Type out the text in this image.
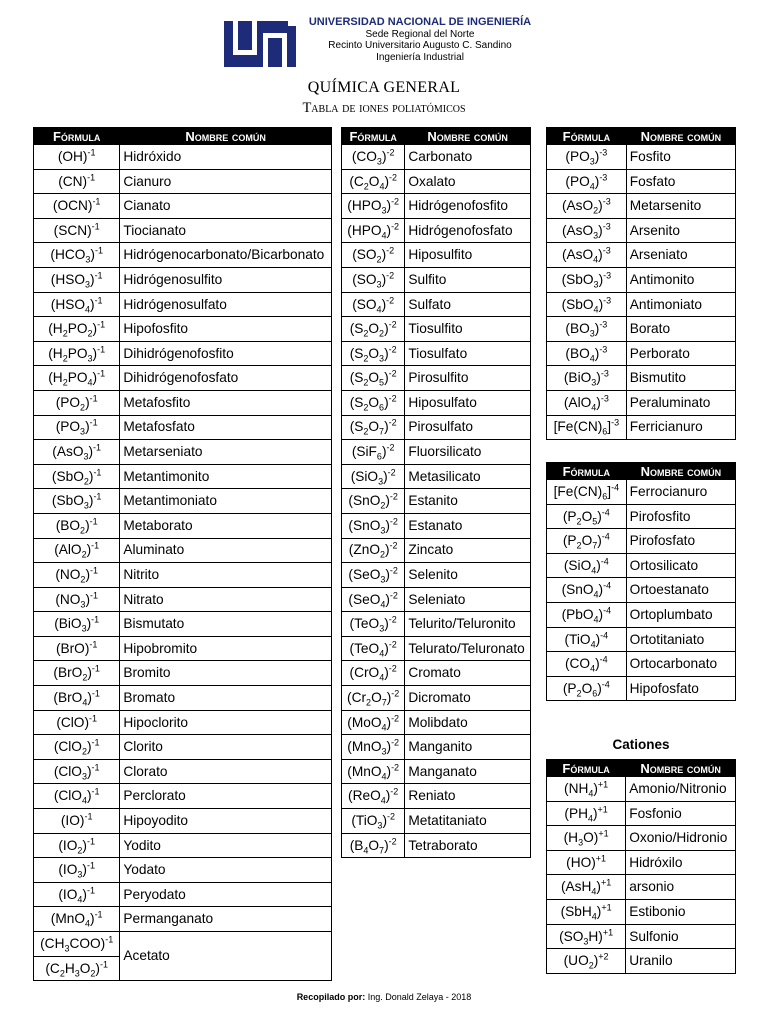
UNIVERSIDAD NACIONAL DE INGENIERÍA
Sede Regional del Norte
Recinto Universitario Augusto C. Sandino
Ingeniería Industrial
QUÍMICA GENERAL
Tabla de iones poliatómicos
Fórmula	Nombre común
(OH)$^{-1}$	Hidróxido
(CN)$^{-1}$	Cianuro
(OCN)$^{-1}$	Cianato
(SCN)$^{-1}$	Tiocianato
$(HCO_3)^{-1}$	Hidrógenocarbonato/Bicarbonato
$(HSO_3)^{-1}$	Hidrógenosulfito
$(HSO_4)^{-1}$	Hidrógenosulfato
$(H_2PO_2)^{-1}$	Hipofosfito
$(H_2PO_3)^{-1}$	Dihidrógenofosfito
$(H_2PO_4)^{-1}$	Dihidrógenofosfato
$(PO_2)^{-1}$	Metafosfito
$(PO_3)^{-1}$	Metafosfato
$(AsO_3)^{-1}$	Metarseniato
$(SbO_2)^{-1}$	Metantimonito
$(SbO_3)^{-1}$	Metantimoniato
$(BO_2)^{-1}$	Metaborato
$(AlO_2)^{-1}$	Aluminato
$(NO_2)^{-1}$	Nitrito
$(NO_3)^{-1}$	Nitrato
$(BiO_3)^{-1}$	Bismutato
(BrO)$^{-1}$	Hipobromito
$(BrO_2)^{-1}$	Bromito
$(BrO_4)^{-1}$	Bromato
(ClO)$^{-1}$	Hipoclorito
$(ClO_2)^{-1}$	Clorito
$(ClO_3)^{-1}$	Clorato
$(ClO_4)^{-1}$	Perclorato
(IO)$^{-1}$	Hipoyodito
$(IO_2)^{-1}$	Yodito
$(IO_3)^{-1}$	Yodato
$(IO_4)^{-1}$	Peryodato
$(MnO_4)^{-1}$	Permanganato
$(CH_3COO)^{-1}$	Acetato
$(C_2H_3O_2)^{-1}$
Fórmula	Nombre común
$(CO_3)^{-2}$	Carbonato
$(C_2O_4)^{-2}$	Oxalato
$(HPO_3)^{-2}$	Hidrógenofosfito
$(HPO_4)^{-2}$	Hidrógenofosfato
$(SO_2)^{-2}$	Hiposulfito
$(SO_3)^{-2}$	Sulfito
$(SO_4)^{-2}$	Sulfato
$(S_2O_2)^{-2}$	Tiosulfito
$(S_2O_3)^{-2}$	Tiosulfato
$(S_2O_5)^{-2}$	Pirosulfito
$(S_2O_6)^{-2}$	Hiposulfato
$(S_2O_7)^{-2}$	Pirosulfato
$(SiF_6)^{-2}$	Fluorsilicato
$(SiO_3)^{-2}$	Metasilicato
$(SnO_2)^{-2}$	Estanito
$(SnO_3)^{-2}$	Estanato
$(ZnO_2)^{-2}$	Zincato
$(SeO_3)^{-2}$	Selenito
$(SeO_4)^{-2}$	Seleniato
$(TeO_3)^{-2}$	Telurito/Teluronito
$(TeO_4)^{-2}$	Telurato/Teluronato
$(CrO_4)^{-2}$	Cromato
$(Cr_2O_7)^{-2}$	Dicromato
$(MoO_4)^{-2}$	Molibdato
$(MnO_3)^{-2}$	Manganito
$(MnO_4)^{-2}$	Manganato
$(ReO_4)^{-2}$	Reniato
$(TiO_3)^{-2}$	Metatitaniato
$(B_4O_7)^{-2}$	Tetraborato
Fórmula	Nombre común
$(PO_3)^{-3}$	Fosfito
$(PO_4)^{-3}$	Fosfato
$(AsO_2)^{-3}$	Metarsenito
$(AsO_3)^{-3}$	Arsenito
$(AsO_4)^{-3}$	Arseniato
$(SbO_3)^{-3}$	Antimonito
$(SbO_4)^{-3}$	Antimoniato
$(BO_3)^{-3}$	Borato
$(BO_4)^{-3}$	Perborato
$(BiO_3)^{-3}$	Bismutito
$(AlO_4)^{-3}$	Peraluminato
$[Fe(CN)_6]^{-3}$	Ferricianuro
Fórmula	Nombre común
$[Fe(CN)_6]^{-4}$	Ferrocianuro
$(P_2O_5)^{-4}$	Pirofosfito
$(P_2O_7)^{-4}$	Pirofosfato
$(SiO_4)^{-4}$	Ortosilicato
$(SnO_4)^{-4}$	Ortoestanato
$(PbO_4)^{-4}$	Ortoplumbato
$(TiO_4)^{-4}$	Ortotitaniato
$(CO_4)^{-4}$	Ortocarbonato
$(P_2O_6)^{-4}$	Hipofosfato
Cationes
Fórmula	Nombre común
$(NH_4)^{+1}$	Amonio/Nitronio
$(PH_4)^{+1}$	Fosfonio
$(H_3O)^{+1}$	Oxonio/Hidronio
(HO)$^{+1}$	Hidróxilo
$(AsH_4)^{+1}$	arsonio
$(SbH_4)^{+1}$	Estibonio
$(SO_3H)^{+1}$	Sulfonio
$(UO_2)^{+2}$	Uranilo
Recopilado por: Ing. Donald Zelaya - 2018
